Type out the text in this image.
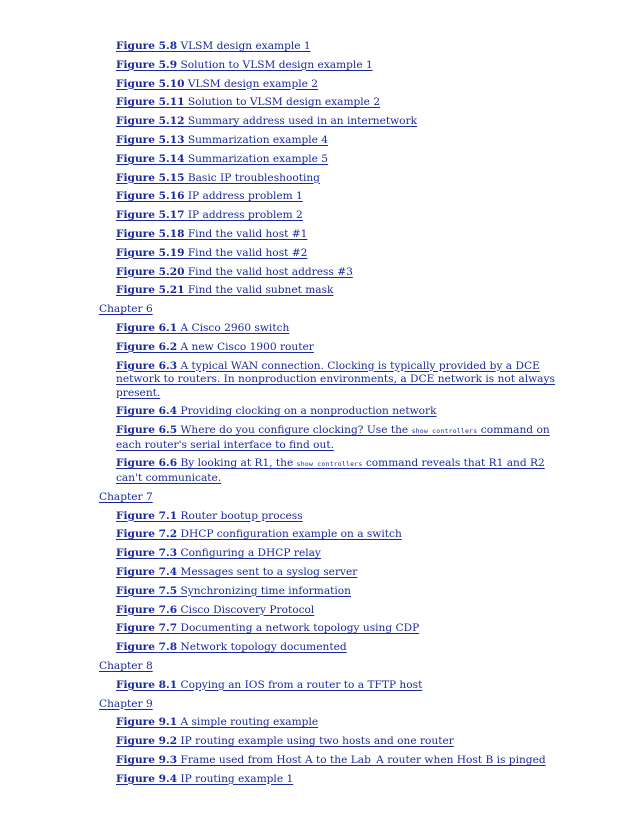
Figure 5.8 VLSM design example 1
Figure 5.9 Solution to VLSM design example 1
Figure 5.10 VLSM design example 2
Figure 5.11 Solution to VLSM design example 2
Figure 5.12 Summary address used in an internetwork
Figure 5.13 Summarization example 4
Figure 5.14 Summarization example 5
Figure 5.15 Basic IP troubleshooting
Figure 5.16 IP address problem 1
Figure 5.17 IP address problem 2
Figure 5.18 Find the valid host #1
Figure 5.19 Find the valid host #2
Figure 5.20 Find the valid host address #3
Figure 5.21 Find the valid subnet mask
Chapter 6
Figure 6.1 A Cisco 2960 switch
Figure 6.2 A new Cisco 1900 router
Figure 6.3 A typical WAN connection. Clocking is typically provided by a DCE network to routers. In nonproduction environments, a DCE network is not always present.
Figure 6.4 Providing clocking on a nonproduction network
Figure 6.5 Where do you configure clocking? Use the show controllers command on each router's serial interface to find out.
Figure 6.6 By looking at R1, the show controllers command reveals that R1 and R2 can't communicate.
Chapter 7
Figure 7.1 Router bootup process
Figure 7.2 DHCP configuration example on a switch
Figure 7.3 Configuring a DHCP relay
Figure 7.4 Messages sent to a syslog server
Figure 7.5 Synchronizing time information
Figure 7.6 Cisco Discovery Protocol
Figure 7.7 Documenting a network topology using CDP
Figure 7.8 Network topology documented
Chapter 8
Figure 8.1 Copying an IOS from a router to a TFTP host
Chapter 9
Figure 9.1 A simple routing example
Figure 9.2 IP routing example using two hosts and one router
Figure 9.3 Frame used from Host A to the Lab_A router when Host B is pinged
Figure 9.4 IP routing example 1
